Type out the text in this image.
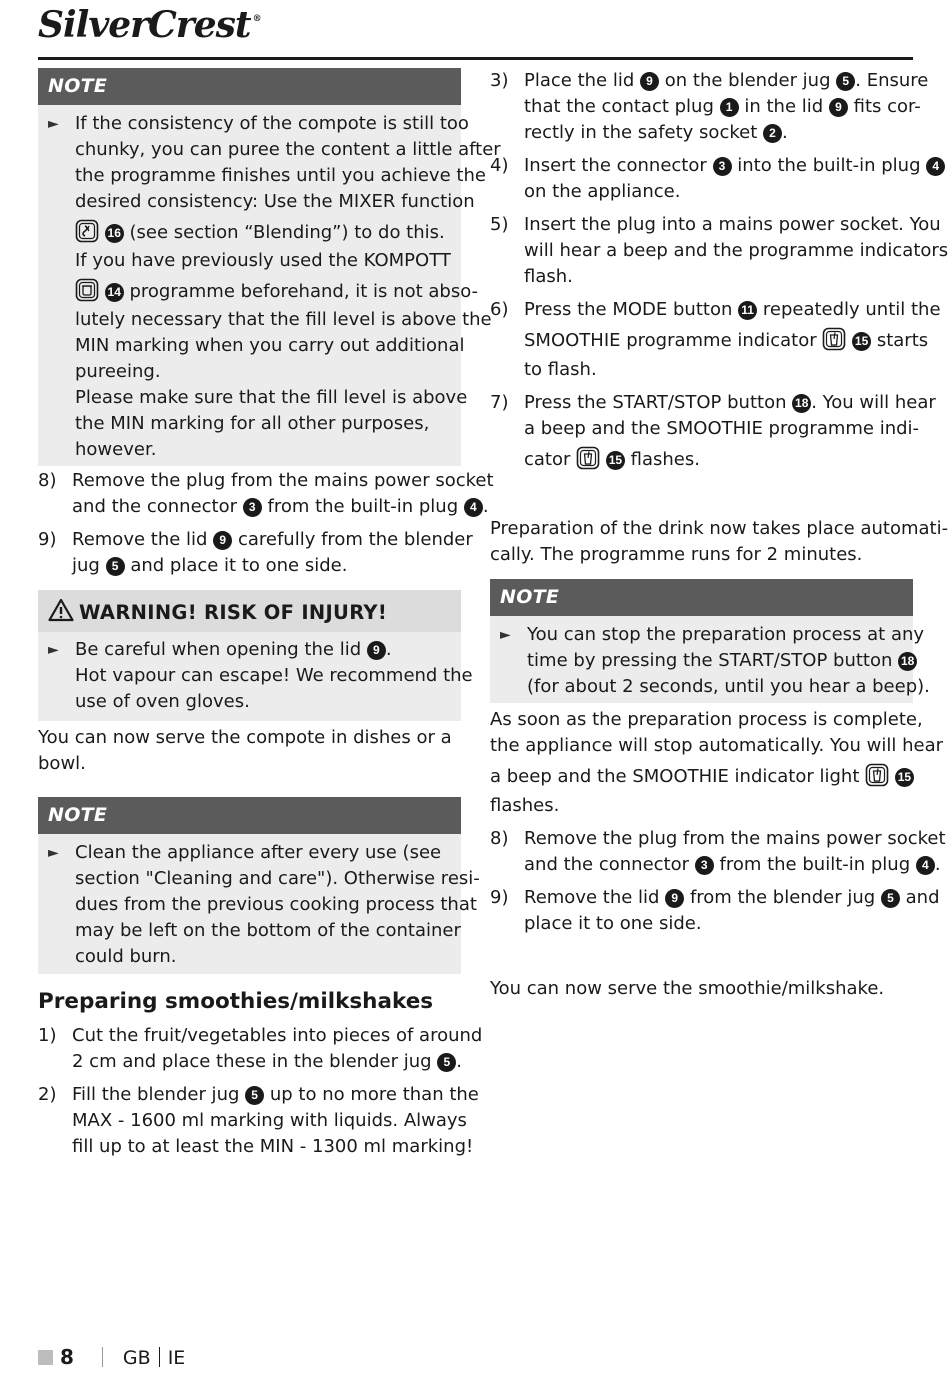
SilverCrest ®
NOTE
► If the consistency of the compote is still too
chunky, you can puree the content a little after
the programme finishes until you achieve the
desired consistency: Use the MIXER function
16 (see section “Blending”) to do this.
If you have previously used the KOMPOTT
14 programme beforehand, it is not abso-
lutely necessary that the fill level is above the
MIN marking when you carry out additional
pureeing.
Please make sure that the fill level is above
the MIN marking for all other purposes,
however.
8) Remove the plug from the mains power socket
and the connector 3 from the built-in plug 4 .
9) Remove the lid 9 carefully from the blender
jug 5 and place it to one side.
WARNING! RISK OF INJURY!
► Be careful when opening the lid 9 .
Hot vapour can escape! We recommend the
use of oven gloves.
You can now serve the compote in dishes or a
bowl.
NOTE
► Clean the appliance after every use (see
section "Cleaning and care"). Otherwise resi-
dues from the previous cooking process that
may be left on the bottom of the container
could burn.
Preparing smoothies/milkshakes
1) Cut the fruit/vegetables into pieces of around
2 cm and place these in the blender jug 5 .
2) Fill the blender jug 5 up to no more than the
MAX - 1600 ml marking with liquids. Always
fill up to at least the MIN - 1300 ml marking!
3) Place the lid 9 on the blender jug 5 . Ensure
that the contact plug 1 in the lid 9 fits cor-
rectly in the safety socket 2 .
4) Insert the connector 3 into the built-in plug 4
on the appliance.
5) Insert the plug into a mains power socket. You
will hear a beep and the programme indicators
flash.
6) Press the MODE button 11 repeatedly until the
SMOOTHIE programme indicator	15 starts
to flash.
7) Press the START/STOP button 18 . You will hear
a beep and the SMOOTHIE programme indi-
cator	15 flashes.
Preparation of the drink now takes place automati-
cally. The programme runs for 2 minutes.
NOTE
► You can stop the preparation process at any
time by pressing the START/STOP button 18
(for about 2 seconds, until you hear a beep).
As soon as the preparation process is complete,
the appliance will stop automatically. You will hear
a beep and the SMOOTHIE indicator light	15
flashes.
8) Remove the plug from the mains power socket
and the connector 3 from the built-in plug 4 .
9) Remove the lid 9 from the blender jug 5 and
place it to one side.
You can now serve the smoothie/milkshake.
8	GB IE
